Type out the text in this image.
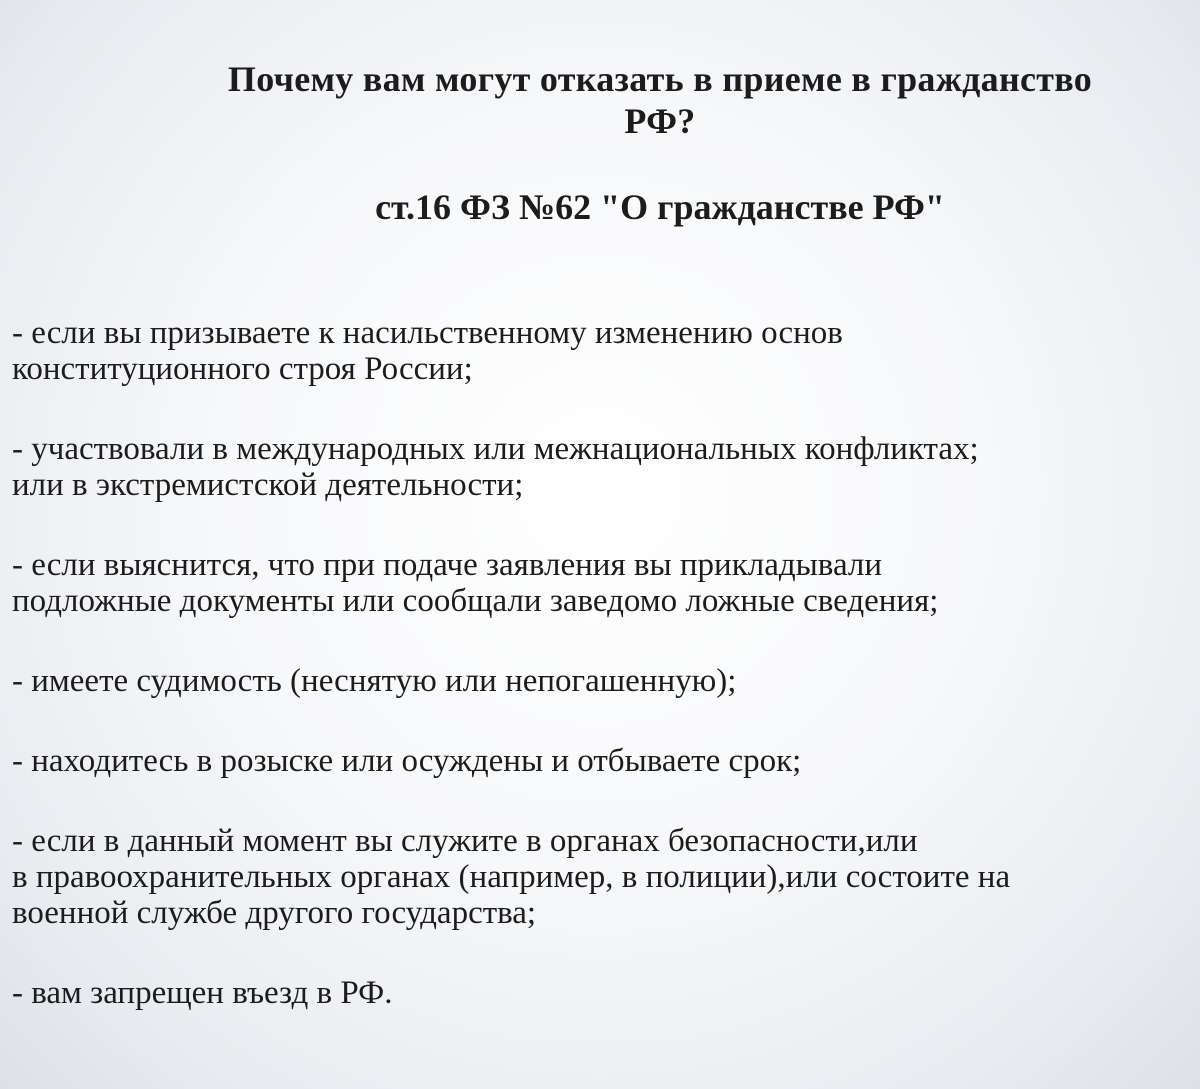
Почему вам могут отказать в приеме в гражданство
РФ?
ст.16 ФЗ №62 "О гражданстве РФ"
- если вы призываете к насильственному изменению основ
конституционного строя России;
- участвовали в международных или межнациональных конфликтах;
или в экстремистской деятельности;
- если выяснится, что при подаче заявления вы прикладывали
подложные документы или сообщали заведомо ложные сведения;
- имеете судимость (неснятую или непогашенную);
- находитесь в розыске или осуждены и отбываете срок;
- если в данный момент вы служите в органах безопасности,или
в правоохранительных органах (например, в полиции),или состоите на
военной службе другого государства;
- вам запрещен въезд в РФ.
